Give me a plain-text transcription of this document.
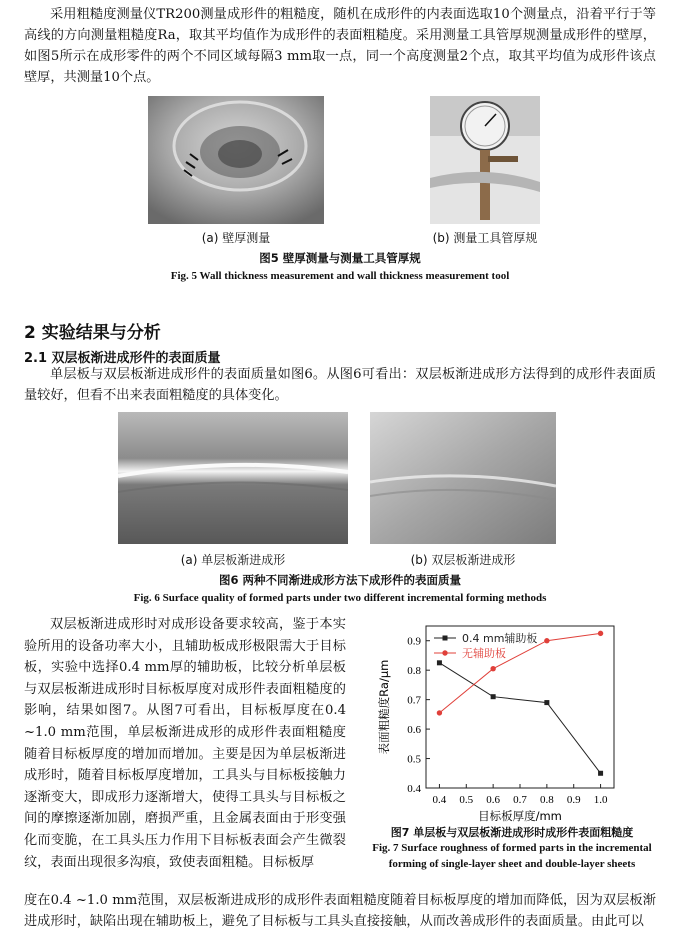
采用粗糙度测量仪TR200测量成形件的粗糙度，随机在成形件的内表面选取10个测量点，沿着平行于等高线的方向测量粗糙度Ra，取其平均值作为成形件的表面粗糙度。采用测量工具管厚规测量成形件的壁厚，如图5所示在成形零件的两个不同区域每隔3 mm取一点，同一个高度测量2个点，取其平均值为成形件该点壁厚，共测量10个点。
(a) 壁厚测量	(b) 测量工具管厚规
图5 壁厚测量与测量工具管厚规
Fig. 5 Wall thickness measurement and wall thickness measurement tool
2 实验结果与分析
2.1 双层板渐进成形件的表面质量
单层板与双层板渐进成形件的表面质量如图6。从图6可看出：双层板渐进成形方法得到的成形件表面质量较好，但看不出来表面粗糙度的具体变化。
(a) 单层板渐进成形	(b) 双层板渐进成形
图6 两种不同渐进成形方法下成形件的表面质量
Fig. 6 Surface quality of formed parts under two different incremental forming methods
双层板渐进成形时对成形设备要求较高，鉴于本实验所用的设备功率大小，且辅助板成形极限需大于目标板，实验中选择0.4 mm厚的辅助板，比较分析单层板与双层板渐进成形时目标板厚度对成形件表面粗糙度的影响，结果如图7。从图7可看出，目标板厚度在0.4 ~1.0 mm范围，单层板渐进成形的成形件表面粗糙度随着目标板厚度的增加而增加。主要是因为单层板渐进成形时，随着目标板厚度增加，工具头与目标板接触力逐渐变大，即成形力逐渐增大，使得工具头与目标板之间的摩擦逐渐加剧，磨损严重，且金属表面由于形变强化而变脆，在工具头压力作用下目标板表面会产生微裂纹，表面出现很多沟痕，致使表面粗糙。目标板厚
0.4 0.5 0.6 0.7 0.8 0.9 1.0
0.4
0.5
0.6
0.7
0.8
0.9
目标板厚度/mm
表面粗糙度Ra/μm
0.4 mm辅助板
无辅助板
图7 单层板与双层板渐进成形时成形件表面粗糙度
Fig. 7 Surface roughness of formed parts in the incremental
forming of single-layer sheet and double-layer sheets
度在0.4 ~1.0 mm范围，双层板渐进成形的成形件表面粗糙度随着目标板厚度的增加而降低，因为双层板渐进成形时，缺陷出现在辅助板上，避免了目标板与工具头直接接触，从而改善成形件的表面质量。由此可以
